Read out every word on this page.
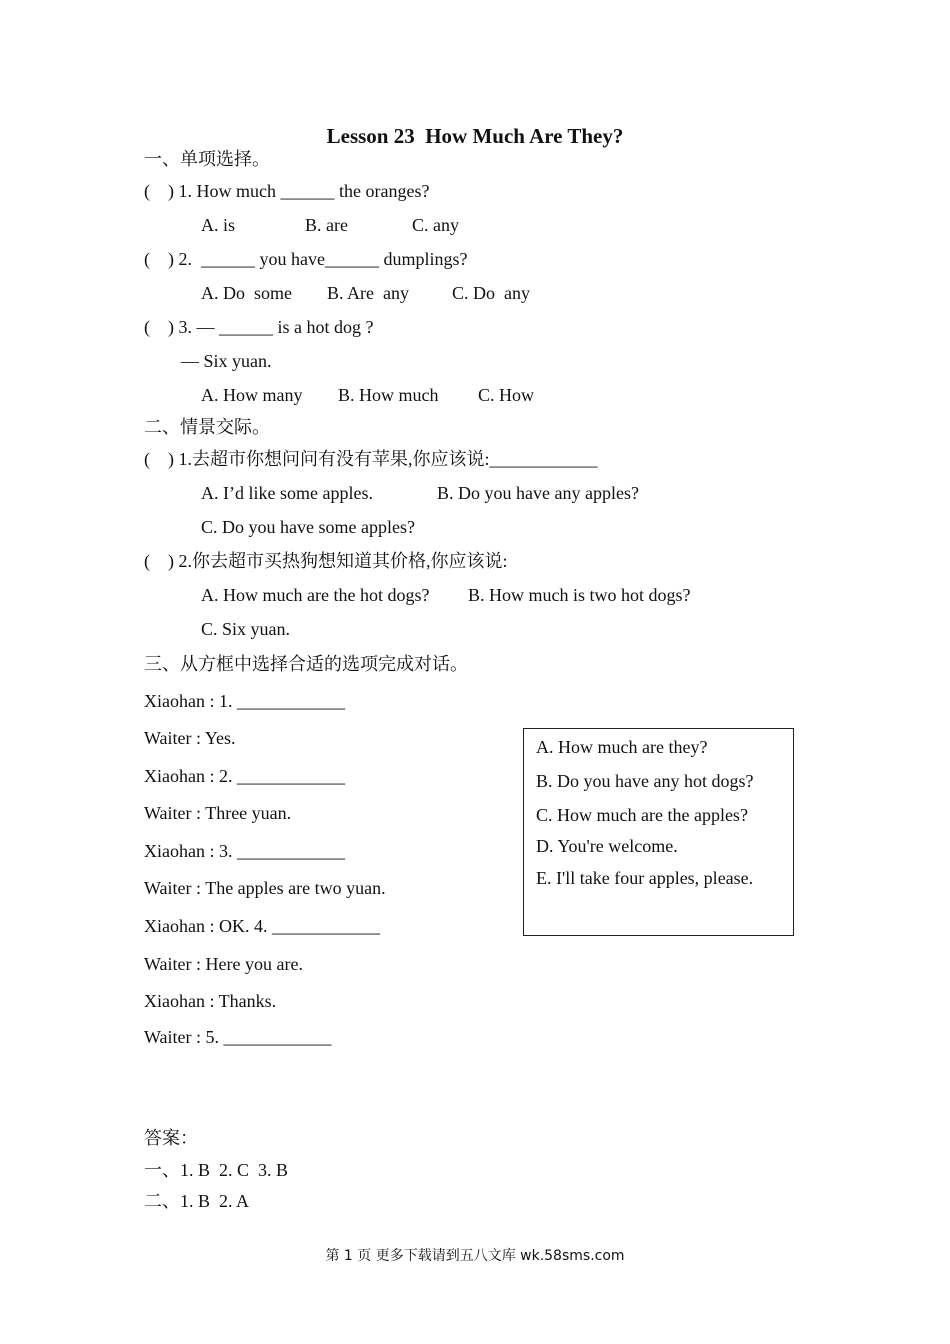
Lesson 23  How Much Are They?
一、单项选择。
(    ) 1. How much ______ the oranges?
A. is	B. are	C. any
(    ) 2.  ______ you have______ dumplings?
A. Do  some B. Are  any C. Do  any
(    ) 3. — ______ is a hot dog ?
— Six yuan.
A. How many B. How much C. How
二、情景交际。
(    ) 1.去超市你想问问有没有苹果,你应该说:____________
A. I’d like some apples.	B. Do you have any apples?
C. Do you have some apples?
(    ) 2.你去超市买热狗想知道其价格,你应该说:
A. How much are the hot dogs? B. How much is two hot dogs?
C. Six yuan.
三、从方框中选择合适的选项完成对话。
Xiaohan : 1. ____________
Waiter : Yes.
Xiaohan : 2. ____________
Waiter : Three yuan.
Xiaohan : 3. ____________
Waiter : The apples are two yuan.
Xiaohan : OK. 4. ____________
Waiter : Here you are.
Xiaohan : Thanks.
Waiter : 5. ____________
A. How much are they?
B. Do you have any hot dogs?
C. How much are the apples?
D. You're welcome.
E. I'll take four apples, please.
答案：
一、1. B  2. C  3. B
二、1. B  2. A
第 1 页 更多下载请到五八文库 wk.58sms.com
